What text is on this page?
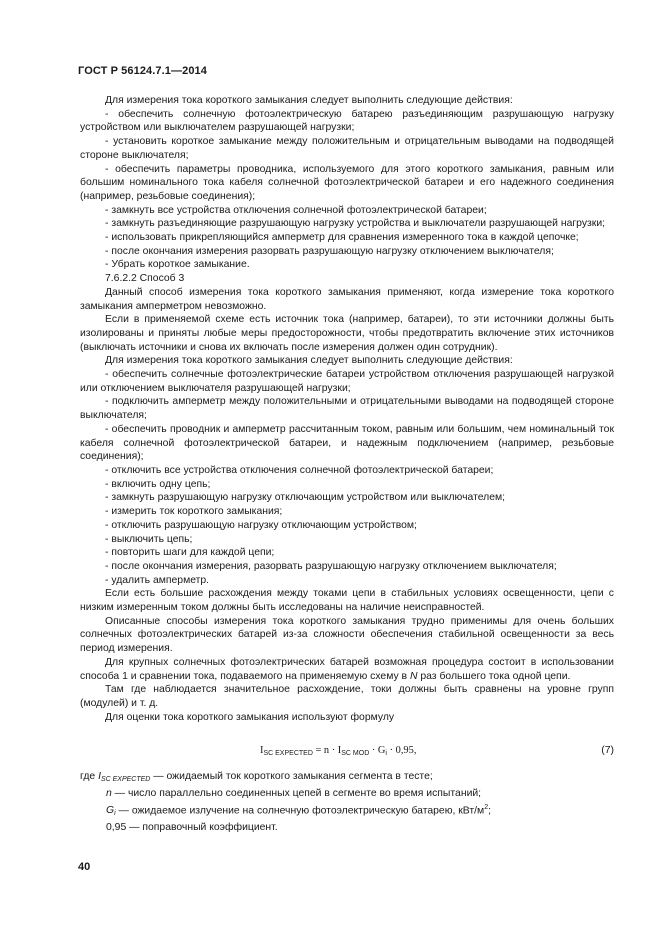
ГОСТ Р 56124.7.1—2014

Для измерения тока короткого замыкания следует выполнить следующие действия:

- обеспечить солнечную фотоэлектрическую батарею разъединяющим разрушающую нагрузку устройством или выключателем разрушающей нагрузки;

- установить короткое замыкание между положительным и отрицательным выводами на подводящей стороне выключателя;

- обеспечить параметры проводника, используемого для этого короткого замыкания, равным или большим номинального тока кабеля солнечной фотоэлектрической батареи и его надежного соединения (например, резьбовые соединения);

- замкнуть все устройства отключения солнечной фотоэлектрической батареи;

- замкнуть разъединяющие разрушающую нагрузку устройства и выключатели разрушающей нагрузки;

- использовать прикрепляющийся амперметр для сравнения измеренного тока в каждой цепочке;

- после окончания измерения разорвать разрушающую нагрузку отключением выключателя;

- Убрать короткое замыкание.

7.6.2.2 Способ 3

Данный способ измерения тока короткого замыкания применяют, когда измерение тока короткого замыкания амперметром невозможно.

Если в применяемой схеме есть источник тока (например, батареи), то эти источники должны быть изолированы и приняты любые меры предосторожности, чтобы предотвратить включение этих источников (выключать источники и снова их включать после измерения должен один сотрудник).

Для измерения тока короткого замыкания следует выполнить следующие действия:

- обеспечить солнечные фотоэлектрические батареи устройством отключения разрушающей нагрузкой или отключением выключателя разрушающей нагрузки;

- подключить амперметр между положительными и отрицательными выводами на подводящей стороне выключателя;

- обеспечить проводник и амперметр рассчитанным током, равным или большим, чем номинальный ток кабеля солнечной фотоэлектрической батареи, и надежным подключением (например, резьбовые соединения);

- отключить все устройства отключения солнечной фотоэлектрической батареи;

- включить одну цепь;

- замкнуть разрушающую нагрузку отключающим устройством или выключателем;

- измерить ток короткого замыкания;

- отключить разрушающую нагрузку отключающим устройством;

- выключить цепь;

- повторить шаги для каждой цепи;

- после окончания измерения, разорвать разрушающую нагрузку отключением выключателя;

- удалить амперметр.

Если есть большие расхождения между токами цепи в стабильных условиях освещенности, цепи с низким измеренным током должны быть исследованы на наличие неисправностей.

Описанные способы измерения тока короткого замыкания трудно применимы для очень больших солнечных фотоэлектрических батарей из-за сложности обеспечения стабильной освещенности за весь период измерения.

Для крупных солнечных фотоэлектрических батарей возможная процедура состоит в использовании способа 1 и сравнении тока, подаваемого на применяемую схему в N раз большего тока одной цепи.

Там где наблюдается значительное расхождение, токи должны быть сравнены на уровне групп (модулей) и т. д.

Для оценки тока короткого замыкания используют формулу

$I_{SC EXPECTED} = n \cdot I_{SC MOD} \cdot G_i \cdot 0,95$,	(7)

где ISC EXPECTED — ожидаемый ток короткого замыкания сегмента в тесте;

n — число параллельно соединенных цепей в сегменте во время испытаний;

Gi — ожидаемое излучение на солнечную фотоэлектрическую батарею, кВт/$м^2$;

0,95 — поправочный коэффициент.

40
